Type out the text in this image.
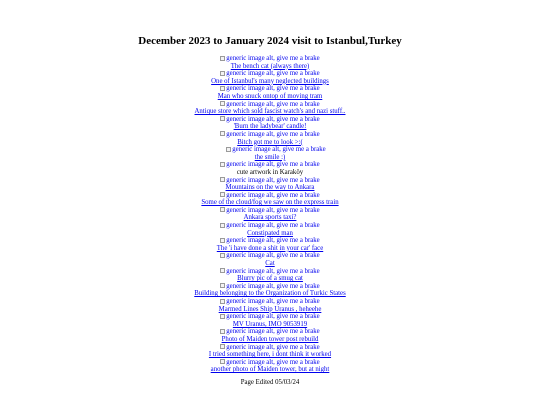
December 2023 to January 2024 visit to Istanbul,Turkey
generic image alt, give me a brake
The bench cat (always there)
generic image alt, give me a brake
One of Istanbul's many neglected buildings
generic image alt, give me a brake
Man who snuck ontop of moving tram
generic image alt, give me a brake
Antique store which sold fascist watch's and nazi stuff..
generic image alt, give me a brake
'Burn the ladybear' candle!
generic image alt, give me a brake
Bitch got me to look >:(
generic image alt, give me a brake
the smile :)
generic image alt, give me a brake
cute artwork in Karaköy
generic image alt, give me a brake
Mountains on the way to Ankara
generic image alt, give me a brake
Some of the cloud/fog we saw on the express train
generic image alt, give me a brake
Ankara sports taxi?
generic image alt, give me a brake
Constipated man
generic image alt, give me a brake
The 'i have done a shit in your car' face
generic image alt, give me a brake
Cat
generic image alt, give me a brake
Blurry pic of a smug cat
generic image alt, give me a brake
Building belonging to the Organization of Turkic States
generic image alt, give me a brake
Marmed Lines Ship Uranus , heheehe
generic image alt, give me a brake
MV Uranus, IMO 9053919
generic image alt, give me a brake
Photo of Maiden tower post rebuild
generic image alt, give me a brake
I tried something here, i dont think it worked
generic image alt, give me a brake
another photo of Maiden tower, but at night
Page Edited 05/03/24
